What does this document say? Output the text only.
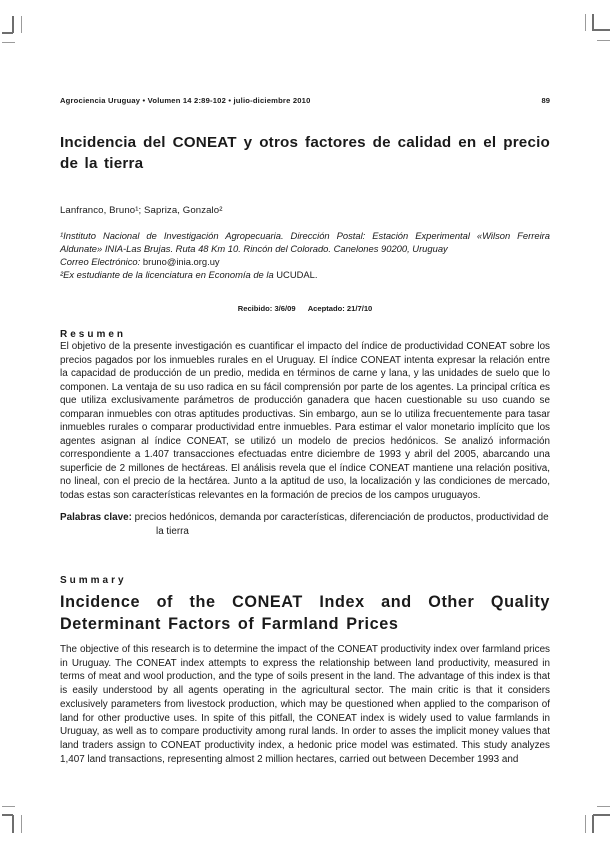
Agrociencia Uruguay • Volumen 14 2:89-102 • julio-diciembre 2010	89
Incidencia del CONEAT y otros factores de calidad en el precio de la tierra
Lanfranco, Bruno¹; Sapriza, Gonzalo²
¹Instituto Nacional de Investigación Agropecuaria. Dirección Postal: Estación Experimental «Wilson Ferreira Aldunate» INIA-Las Brujas. Ruta 48 Km 10. Rincón del Colorado. Canelones 90200, Uruguay
Correo Electrónico: bruno@inia.org.uy
²Ex estudiante de la licenciatura en Economía de la UCUDAL.
Recibido: 3/6/09 Aceptado: 21/7/10
Resumen

El objetivo de la presente investigación es cuantificar el impacto del índice de productividad CONEAT sobre los precios pagados por los inmuebles rurales en el Uruguay. El índice CONEAT intenta expresar la relación entre la capacidad de producción de un predio, medida en términos de carne y lana, y las unidades de suelo que lo componen. La ventaja de su uso radica en su fácil comprensión por parte de los agentes. La principal crítica es que utiliza exclusivamente parámetros de producción ganadera que hacen cuestionable su uso cuando se comparan inmuebles con otras aptitudes productivas. Sin embargo, aun se lo utiliza frecuentemente para tasar inmuebles rurales o comparar productividad entre inmuebles. Para estimar el valor monetario implícito que los agentes asignan al índice CONEAT, se utilizó un modelo de precios hedónicos. Se analizó información correspondiente a 1.407 transacciones efectuadas entre diciembre de 1993 y abril del 2005, abarcando una superficie de 2 millones de hectáreas. El análisis revela que el índice CONEAT mantiene una relación positiva, no lineal, con el precio de la hectárea. Junto a la aptitud de uso, la localización y las condiciones de mercado, todas estas son características relevantes en la formación de precios de los campos uruguayos.

Palabras clave: precios hedónicos, demanda por características, diferenciación de productos, productividad de la tierra

Summary
Incidence of the CONEAT Index and Other Quality Determinant Factors of Farmland Prices

The objective of this research is to determine the impact of the CONEAT productivity index over farmland prices in Uruguay. The CONEAT index attempts to express the relationship between land productivity, measured in terms of meat and wool production, and the type of soils present in the land. The advantage of this index is that is easily understood by all agents operating in the agricultural sector. The main critic is that it considers exclusively parameters from livestock production, which may be questioned when applied to the comparison of land for other productive uses. In spite of this pitfall, the CONEAT index is widely used to value farmlands in Uruguay, as well as to compare productivity among rural lands. In order to asses the implicit money values that land traders assign to CONEAT productivity index, a hedonic price model was estimated. This study analyzes 1,407 land transactions, representing almost 2 million hectares, carried out between December 1993 and
